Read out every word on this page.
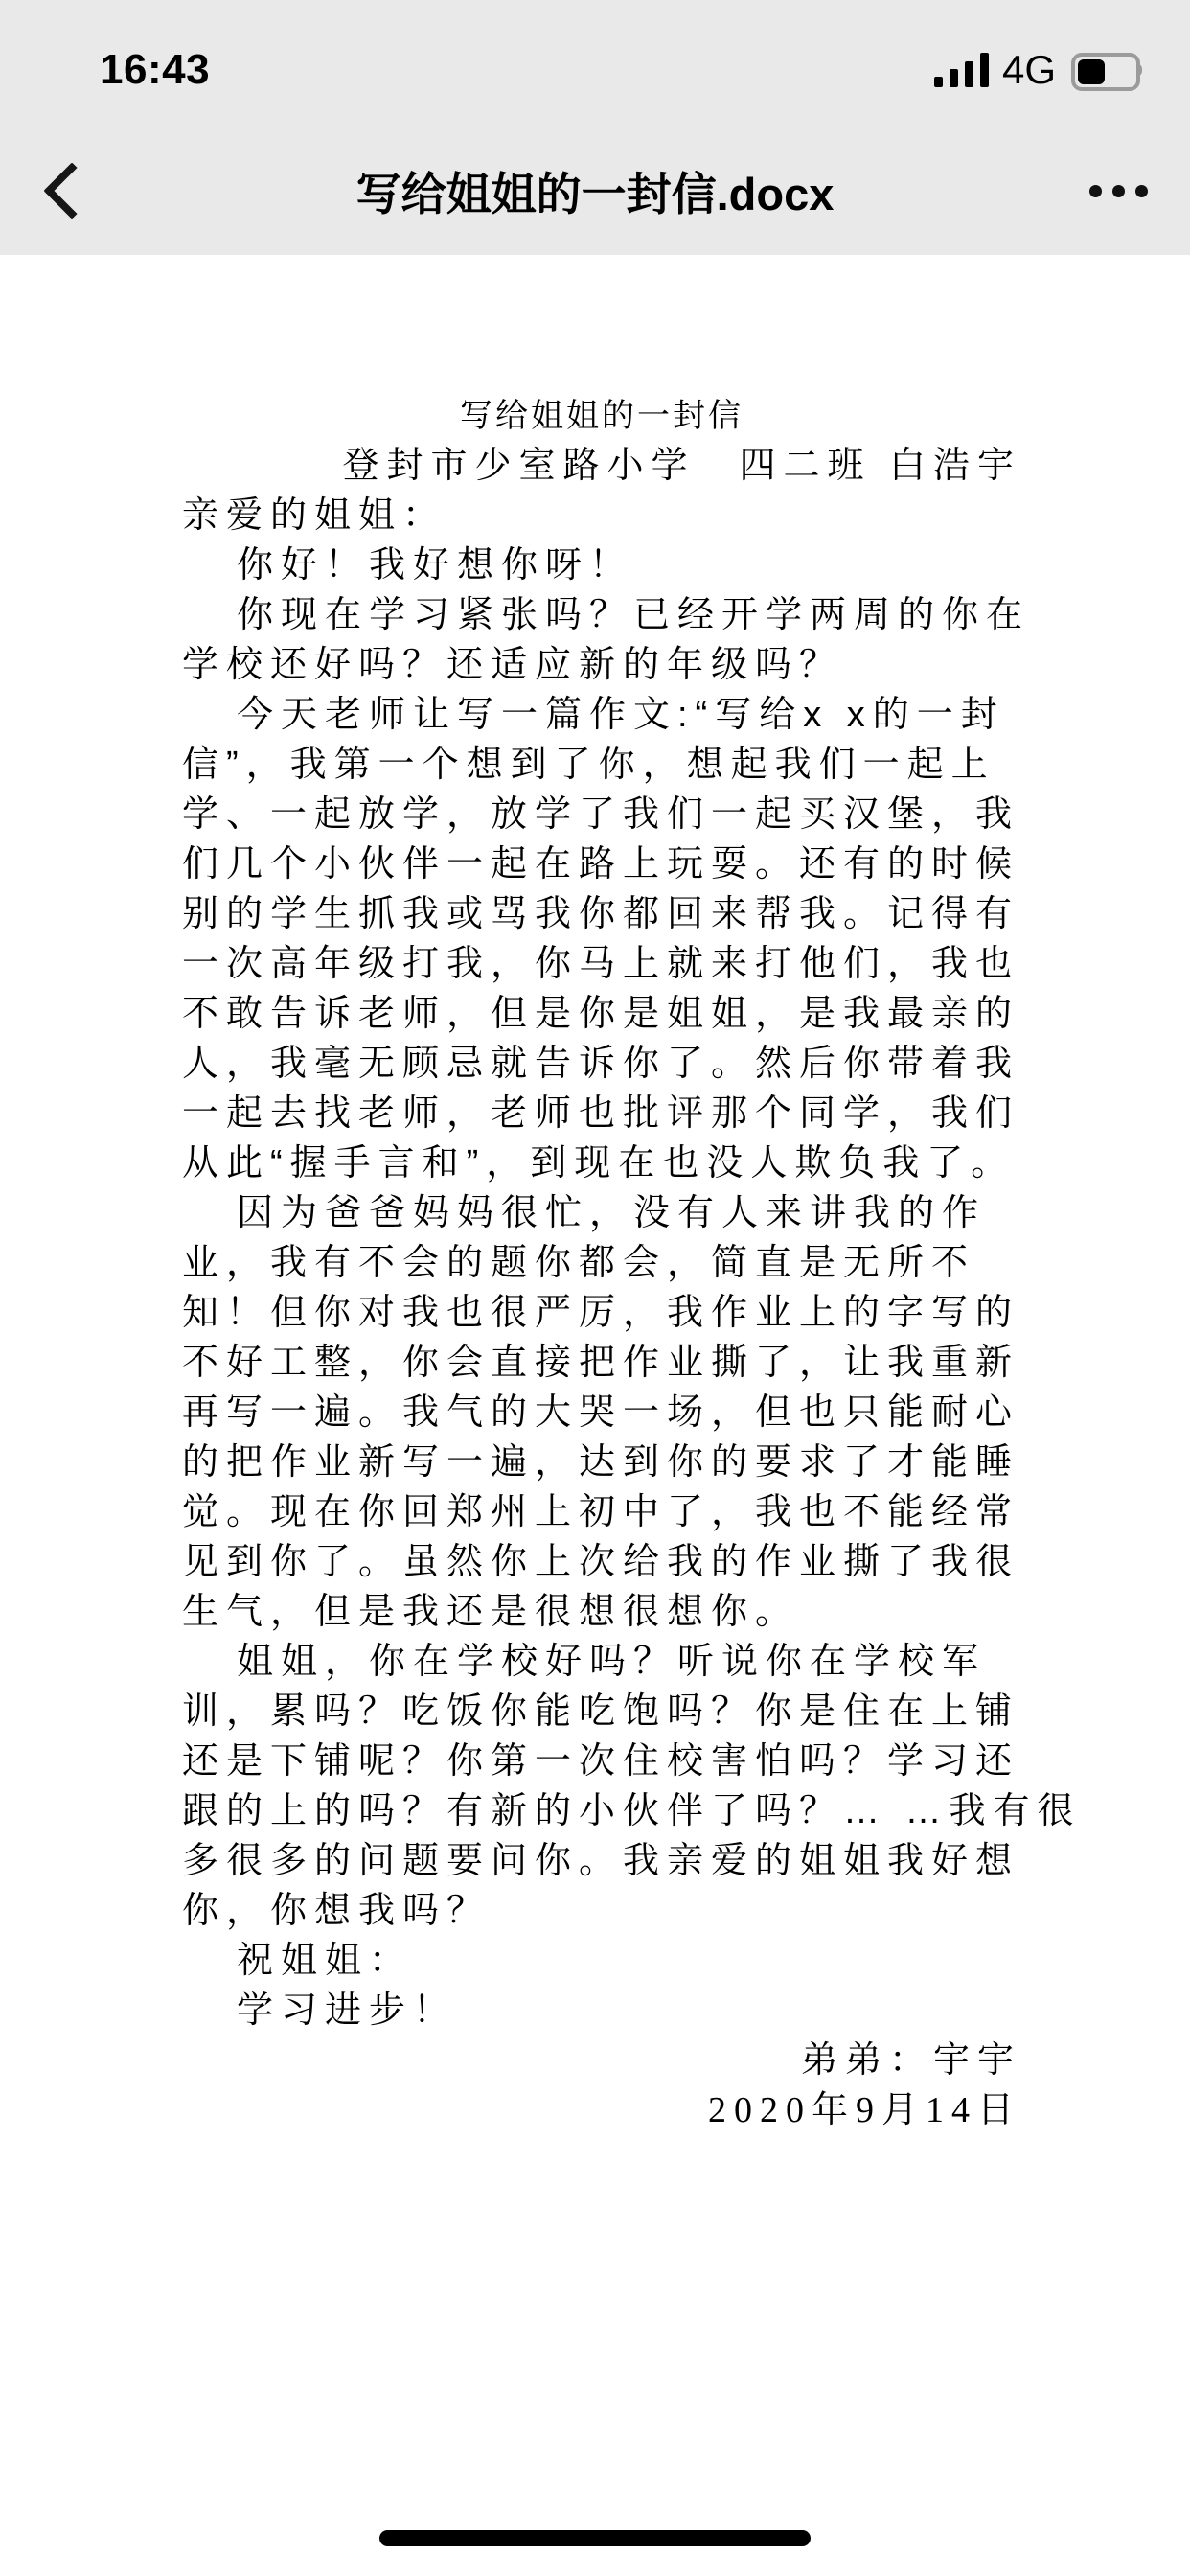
16:43	4G
写给姐姐的一封信.docx
写给姐姐的一封信
登封市少室路小学　四二班 白浩宇
亲爱的姐姐：
你好！我好想你呀！
你现在学习紧张吗？已经开学两周的你在
学校还好吗？还适应新的年级吗？
今天老师让写一篇作文:“写给x x的一封
信”，我第一个想到了你，想起我们一起上
学、一起放学，放学了我们一起买汉堡，我
们几个小伙伴一起在路上玩耍。还有的时候
别的学生抓我或骂我你都回来帮我。记得有
一次高年级打我，你马上就来打他们，我也
不敢告诉老师，但是你是姐姐，是我最亲的
人，我毫无顾忌就告诉你了。然后你带着我
一起去找老师，老师也批评那个同学，我们
从此“握手言和”，到现在也没人欺负我了。
因为爸爸妈妈很忙，没有人来讲我的作
业，我有不会的题你都会，简直是无所不
知！但你对我也很严厉，我作业上的字写的
不好工整，你会直接把作业撕了，让我重新
再写一遍。我气的大哭一场，但也只能耐心
的把作业新写一遍，达到你的要求了才能睡
觉。现在你回郑州上初中了，我也不能经常
见到你了。虽然你上次给我的作业撕了我很
生气，但是我还是很想很想你。
姐姐，你在学校好吗？听说你在学校军
训，累吗？吃饭你能吃饱吗？你是住在上铺
还是下铺呢？你第一次住校害怕吗？学习还
跟的上的吗？有新的小伙伴了吗？… …我有很
多很多的问题要问你。我亲爱的姐姐我好想
你，你想我吗？
祝姐姐：
学习进步！
弟弟：宇宇
2020年9月14日
